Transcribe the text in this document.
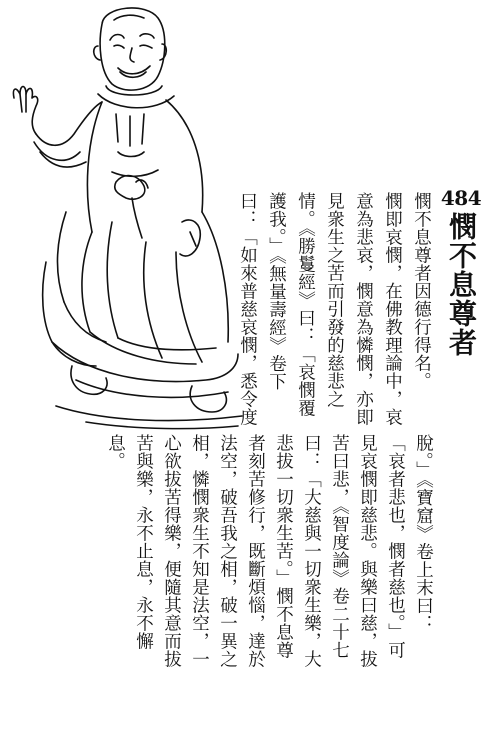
484
憫不息尊者
憫不息尊者因德行得名。
憫即哀憫，在佛教理論中，哀
意為悲哀，憫意為憐憫，亦即
見衆生之苦而引發的慈悲之
情。《勝鬘經》曰：「哀憫覆
護我。」《無量壽經》卷下
曰：「如來普慈哀憫，悉令度
脫。」《寶窟》卷上末曰：
「哀者悲也，憫者慈也。」可
見哀憫即慈悲。與樂曰慈，拔
苦曰悲，《智度論》卷二十七
曰：「大慈與一切衆生樂，大
悲拔一切衆生苦。」憫不息尊
者刻苦修行，既斷煩惱，達於
法空，破吾我之相，破一異之
相，憐憫衆生不知是法空，一
心欲拔苦得樂，便隨其意而拔
苦與樂，永不止息，永不懈
息。
